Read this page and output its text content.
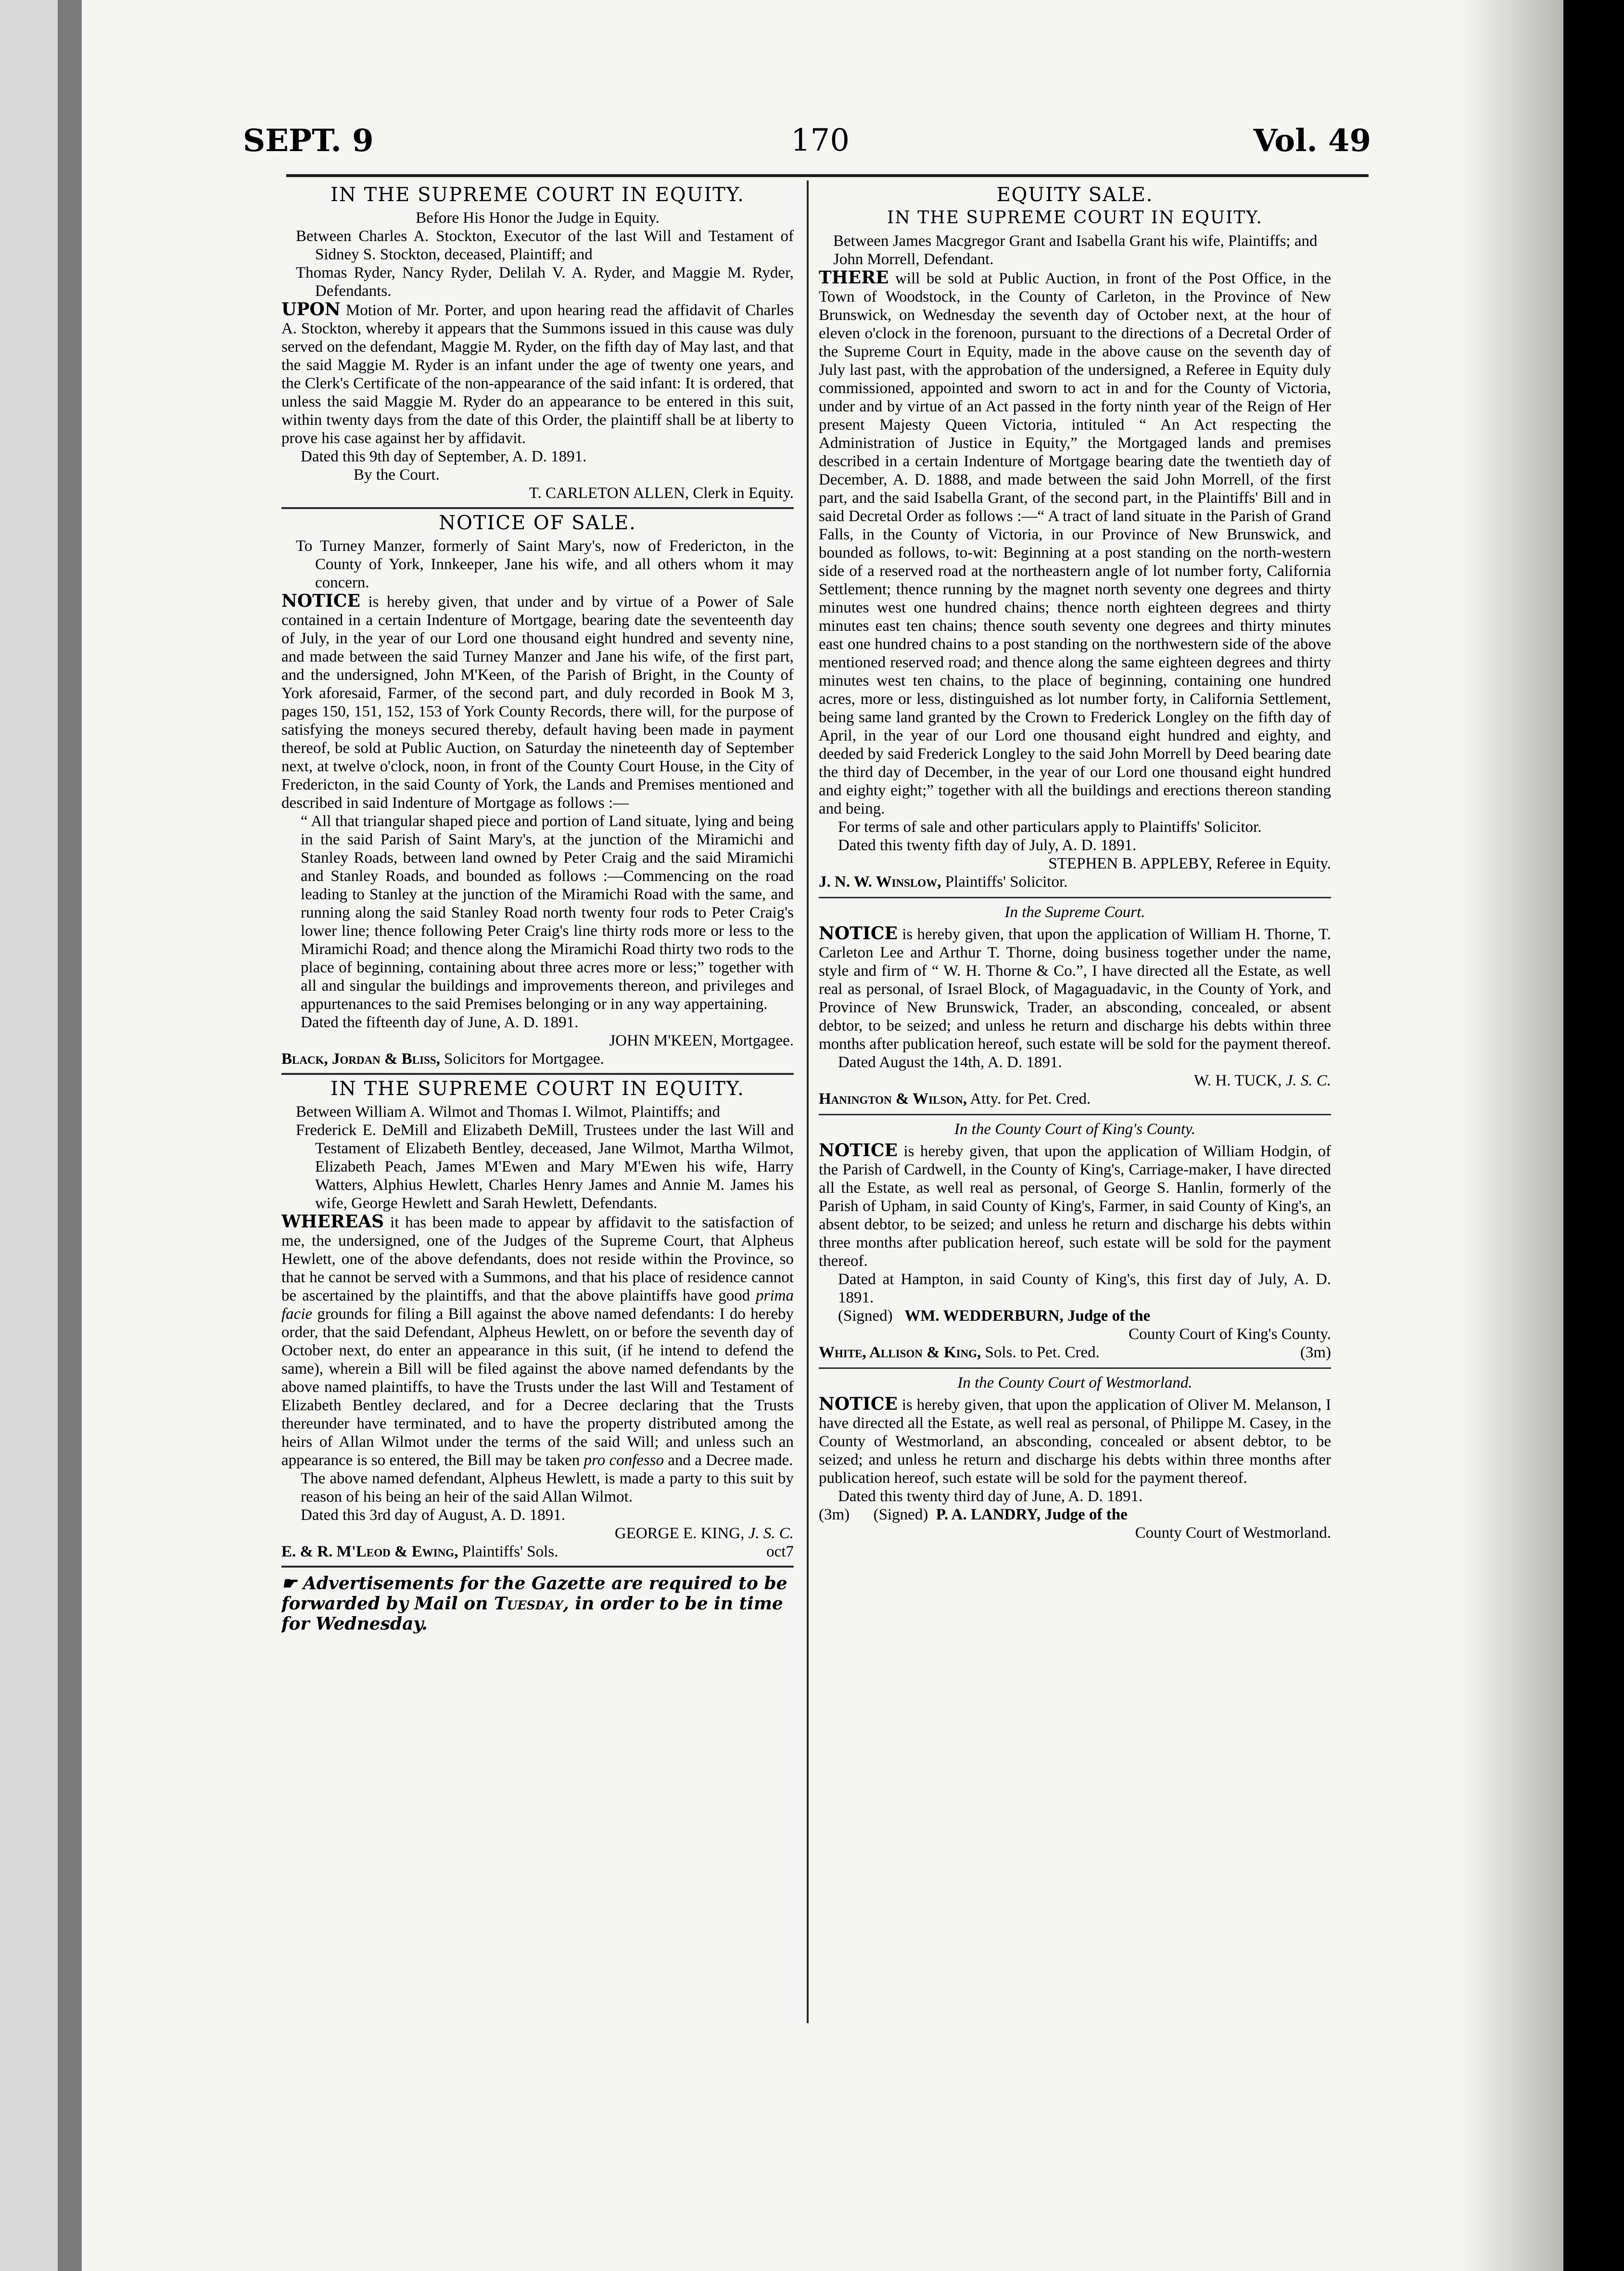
SEPT. 9	170	Vol. 49
IN THE SUPREME COURT IN EQUITY.
Before His Honor the Judge in Equity.

Between Charles A. Stockton, Executor of the last Will and Testament of Sidney S. Stockton, deceased, Plaintiff; and

Thomas Ryder, Nancy Ryder, Delilah V. A. Ryder, and Maggie M. Ryder, Defendants.

UPON Motion of Mr. Porter, and upon hearing read the affidavit of Charles A. Stockton, whereby it appears that the Summons issued in this cause was duly served on the defendant, Maggie M. Ryder, on the fifth day of May last, and that the said Maggie M. Ryder is an infant under the age of twenty one years, and the Clerk's Certificate of the non-appearance of the said infant: It is ordered, that unless the said Maggie M. Ryder do an appearance to be entered in this suit, within twenty days from the date of this Order, the plaintiff shall be at liberty to prove his case against her by affidavit.

Dated this 9th day of September, A. D. 1891.

By the Court.

T. CARLETON ALLEN, Clerk in Equity.

NOTICE OF SALE.

To Turney Manzer, formerly of Saint Mary's, now of Fredericton, in the County of York, Innkeeper, Jane his wife, and all others whom it may concern.

NOTICE is hereby given, that under and by virtue of a Power of Sale contained in a certain Indenture of Mortgage, bearing date the seventeenth day of July, in the year of our Lord one thousand eight hundred and seventy nine, and made between the said Turney Manzer and Jane his wife, of the first part, and the undersigned, John M'Keen, of the Parish of Bright, in the County of York aforesaid, Farmer, of the second part, and duly recorded in Book M 3, pages 150, 151, 152, 153 of York County Records, there will, for the purpose of satisfying the moneys secured thereby, default having been made in payment thereof, be sold at Public Auction, on Saturday the nineteenth day of September next, at twelve o'clock, noon, in front of the County Court House, in the City of Fredericton, in the said County of York, the Lands and Premises mentioned and described in said Indenture of Mortgage as follows :—

“ All that triangular shaped piece and portion of Land situate, lying and being in the said Parish of Saint Mary's, at the junction of the Miramichi and Stanley Roads, between land owned by Peter Craig and the said Miramichi and Stanley Roads, and bounded as follows :—Commencing on the road leading to Stanley at the junction of the Miramichi Road with the same, and running along the said Stanley Road north twenty four rods to Peter Craig's lower line; thence following Peter Craig's line thirty rods more or less to the Miramichi Road; and thence along the Miramichi Road thirty two rods to the place of beginning, containing about three acres more or less;” together with all and singular the buildings and improvements thereon, and privileges and appurtenances to the said Premises belonging or in any way appertaining.

Dated the fifteenth day of June, A. D. 1891.

JOHN M'KEEN, Mortgagee.

Black, Jordan & Bliss, Solicitors for Mortgagee.

IN THE SUPREME COURT IN EQUITY.

Between William A. Wilmot and Thomas I. Wilmot, Plaintiffs; and

Frederick E. DeMill and Elizabeth DeMill, Trustees under the last Will and Testament of Elizabeth Bentley, deceased, Jane Wilmot, Martha Wilmot, Elizabeth Peach, James M'Ewen and Mary M'Ewen his wife, Harry Watters, Alphius Hewlett, Charles Henry James and Annie M. James his wife, George Hewlett and Sarah Hewlett, Defendants.

WHEREAS it has been made to appear by affidavit to the satisfaction of me, the undersigned, one of the Judges of the Supreme Court, that Alpheus Hewlett, one of the above defendants, does not reside within the Province, so that he cannot be served with a Summons, and that his place of residence cannot be ascertained by the plaintiffs, and that the above plaintiffs have good prima facie grounds for filing a Bill against the above named defendants: I do hereby order, that the said Defendant, Alpheus Hewlett, on or before the seventh day of October next, do enter an appearance in this suit, (if he intend to defend the same), wherein a Bill will be filed against the above named defendants by the above named plaintiffs, to have the Trusts under the last Will and Testament of Elizabeth Bentley declared, and for a Decree declaring that the Trusts thereunder have terminated, and to have the property distributed among the heirs of Allan Wilmot under the terms of the said Will; and unless such an appearance is so entered, the Bill may be taken pro confesso and a Decree made.

The above named defendant, Alpheus Hewlett, is made a party to this suit by reason of his being an heir of the said Allan Wilmot.

Dated this 3rd day of August, A. D. 1891.

GEORGE E. KING, J. S. C.

E. & R. M'Leod & Ewing, Plaintiffs' Sols.	oct7

☛ Advertisements for the Gazette are required to be forwarded by Mail on Tuesday, in order to be in time for Wednesday.

EQUITY SALE.
IN THE SUPREME COURT IN EQUITY.

Between James Macgregor Grant and Isabella Grant his wife, Plaintiffs; and

John Morrell, Defendant.

THERE will be sold at Public Auction, in front of the Post Office, in the Town of Woodstock, in the County of Carleton, in the Province of New Brunswick, on Wednesday the seventh day of October next, at the hour of eleven o'clock in the forenoon, pursuant to the directions of a Decretal Order of the Supreme Court in Equity, made in the above cause on the seventh day of July last past, with the approbation of the undersigned, a Referee in Equity duly commissioned, appointed and sworn to act in and for the County of Victoria, under and by virtue of an Act passed in the forty ninth year of the Reign of Her present Majesty Queen Victoria, intituled “ An Act respecting the Administration of Justice in Equity,” the Mortgaged lands and premises described in a certain Indenture of Mortgage bearing date the twentieth day of December, A. D. 1888, and made between the said John Morrell, of the first part, and the said Isabella Grant, of the second part, in the Plaintiffs' Bill and in said Decretal Order as follows :—“ A tract of land situate in the Parish of Grand Falls, in the County of Victoria, in our Province of New Brunswick, and bounded as follows, to-wit: Beginning at a post standing on the north-western side of a reserved road at the northeastern angle of lot number forty, California Settlement; thence running by the magnet north seventy one degrees and thirty minutes west one hundred chains; thence north eighteen degrees and thirty minutes east ten chains; thence south seventy one degrees and thirty minutes east one hundred chains to a post standing on the northwestern side of the above mentioned reserved road; and thence along the same eighteen degrees and thirty minutes west ten chains, to the place of beginning, containing one hundred acres, more or less, distinguished as lot number forty, in California Settlement, being same land granted by the Crown to Frederick Longley on the fifth day of April, in the year of our Lord one thousand eight hundred and eighty, and deeded by said Frederick Longley to the said John Morrell by Deed bearing date the third day of December, in the year of our Lord one thousand eight hundred and eighty eight;” together with all the buildings and erections thereon standing and being.

For terms of sale and other particulars apply to Plaintiffs' Solicitor.

Dated this twenty fifth day of July, A. D. 1891.

STEPHEN B. APPLEBY, Referee in Equity.

J. N. W. Winslow, Plaintiffs' Solicitor.

In the Supreme Court.

NOTICE is hereby given, that upon the application of William H. Thorne, T. Carleton Lee and Arthur T. Thorne, doing business together under the name, style and firm of “ W. H. Thorne & Co.”, I have directed all the Estate, as well real as personal, of Israel Block, of Magaguadavic, in the County of York, and Province of New Brunswick, Trader, an absconding, concealed, or absent debtor, to be seized; and unless he return and discharge his debts within three months after publication hereof, such estate will be sold for the payment thereof.

Dated August the 14th, A. D. 1891.

W. H. TUCK, J. S. C.

Hanington & Wilson, Atty. for Pet. Cred.

In the County Court of King's County.

NOTICE is hereby given, that upon the application of William Hodgin, of the Parish of Cardwell, in the County of King's, Carriage-maker, I have directed all the Estate, as well real as personal, of George S. Hanlin, formerly of the Parish of Upham, in said County of King's, Farmer, in said County of King's, an absent debtor, to be seized; and unless he return and discharge his debts within three months after publication hereof, such estate will be sold for the payment thereof.

Dated at Hampton, in said County of King's, this first day of July, A. D. 1891.

(Signed) WM. WEDDERBURN, Judge of the

County Court of King's County.

White, Allison & King, Sols. to Pet. Cred.	(3m)

In the County Court of Westmorland.

NOTICE is hereby given, that upon the application of Oliver M. Melanson, I have directed all the Estate, as well real as personal, of Philippe M. Casey, in the County of Westmorland, an absconding, concealed or absent debtor, to be seized; and unless he return and discharge his debts within three months after publication hereof, such estate will be sold for the payment thereof.

Dated this twenty third day of June, A. D. 1891.

(3m) (Signed) P. A. LANDRY, Judge of the

County Court of Westmorland.
